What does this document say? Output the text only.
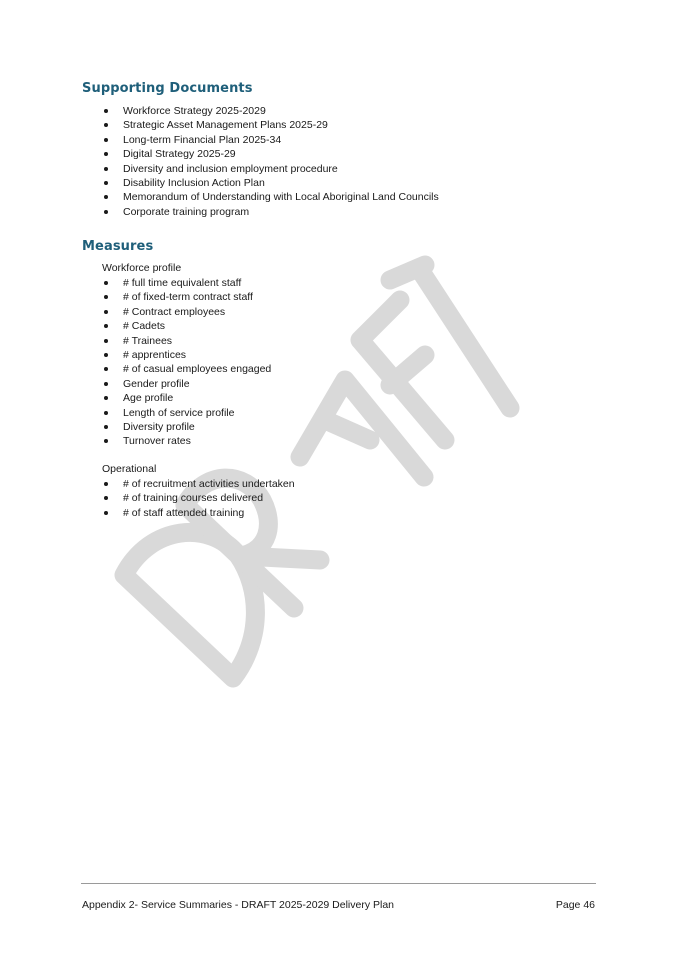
Supporting Documents
Workforce Strategy 2025-2029
Strategic Asset Management Plans 2025-29
Long-term Financial Plan 2025-34
Digital Strategy 2025-29
Diversity and inclusion employment procedure
Disability Inclusion Action Plan
Memorandum of Understanding with Local Aboriginal Land Councils
Corporate training program
Measures

Workforce profile

# full time equivalent staff
# of fixed-term contract staff
# Contract employees
# Cadets
# Trainees
# apprentices
# of casual employees engaged
Gender profile
Age profile
Length of service profile
Diversity profile
Turnover rates

Operational

# of recruitment activities undertaken
# of training courses delivered
# of staff attended training
Appendix 2- Service Summaries - DRAFT 2025-2029 Delivery Plan	Page 46
